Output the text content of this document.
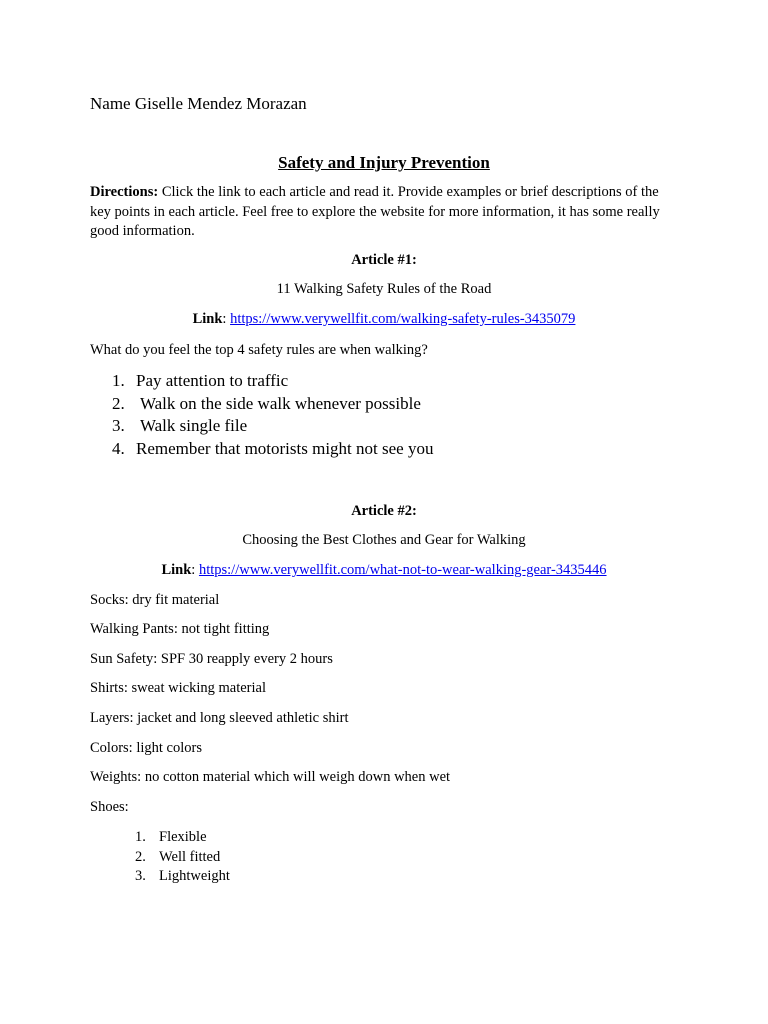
Name Giselle Mendez Morazan
Safety and Injury Prevention
Directions: Click the link to each article and read it. Provide examples or brief descriptions of the key points in each article. Feel free to explore the website for more information, it has some really good information.
Article #1:
11 Walking Safety Rules of the Road
Link: https://www.verywellfit.com/walking-safety-rules-3435079
What do you feel the top 4 safety rules are when walking?
1. Pay attention to traffic
2. Walk on the side walk whenever possible
3. Walk single file
4. Remember that motorists might not see you
Article #2:
Choosing the Best Clothes and Gear for Walking
Link: https://www.verywellfit.com/what-not-to-wear-walking-gear-3435446
Socks: dry fit material
Walking Pants: not tight fitting
Sun Safety: SPF 30 reapply every 2 hours
Shirts: sweat wicking material
Layers: jacket and long sleeved athletic shirt
Colors: light colors
Weights: no cotton material which will weigh down when wet
Shoes:
1. Flexible
2. Well fitted
3. Lightweight
